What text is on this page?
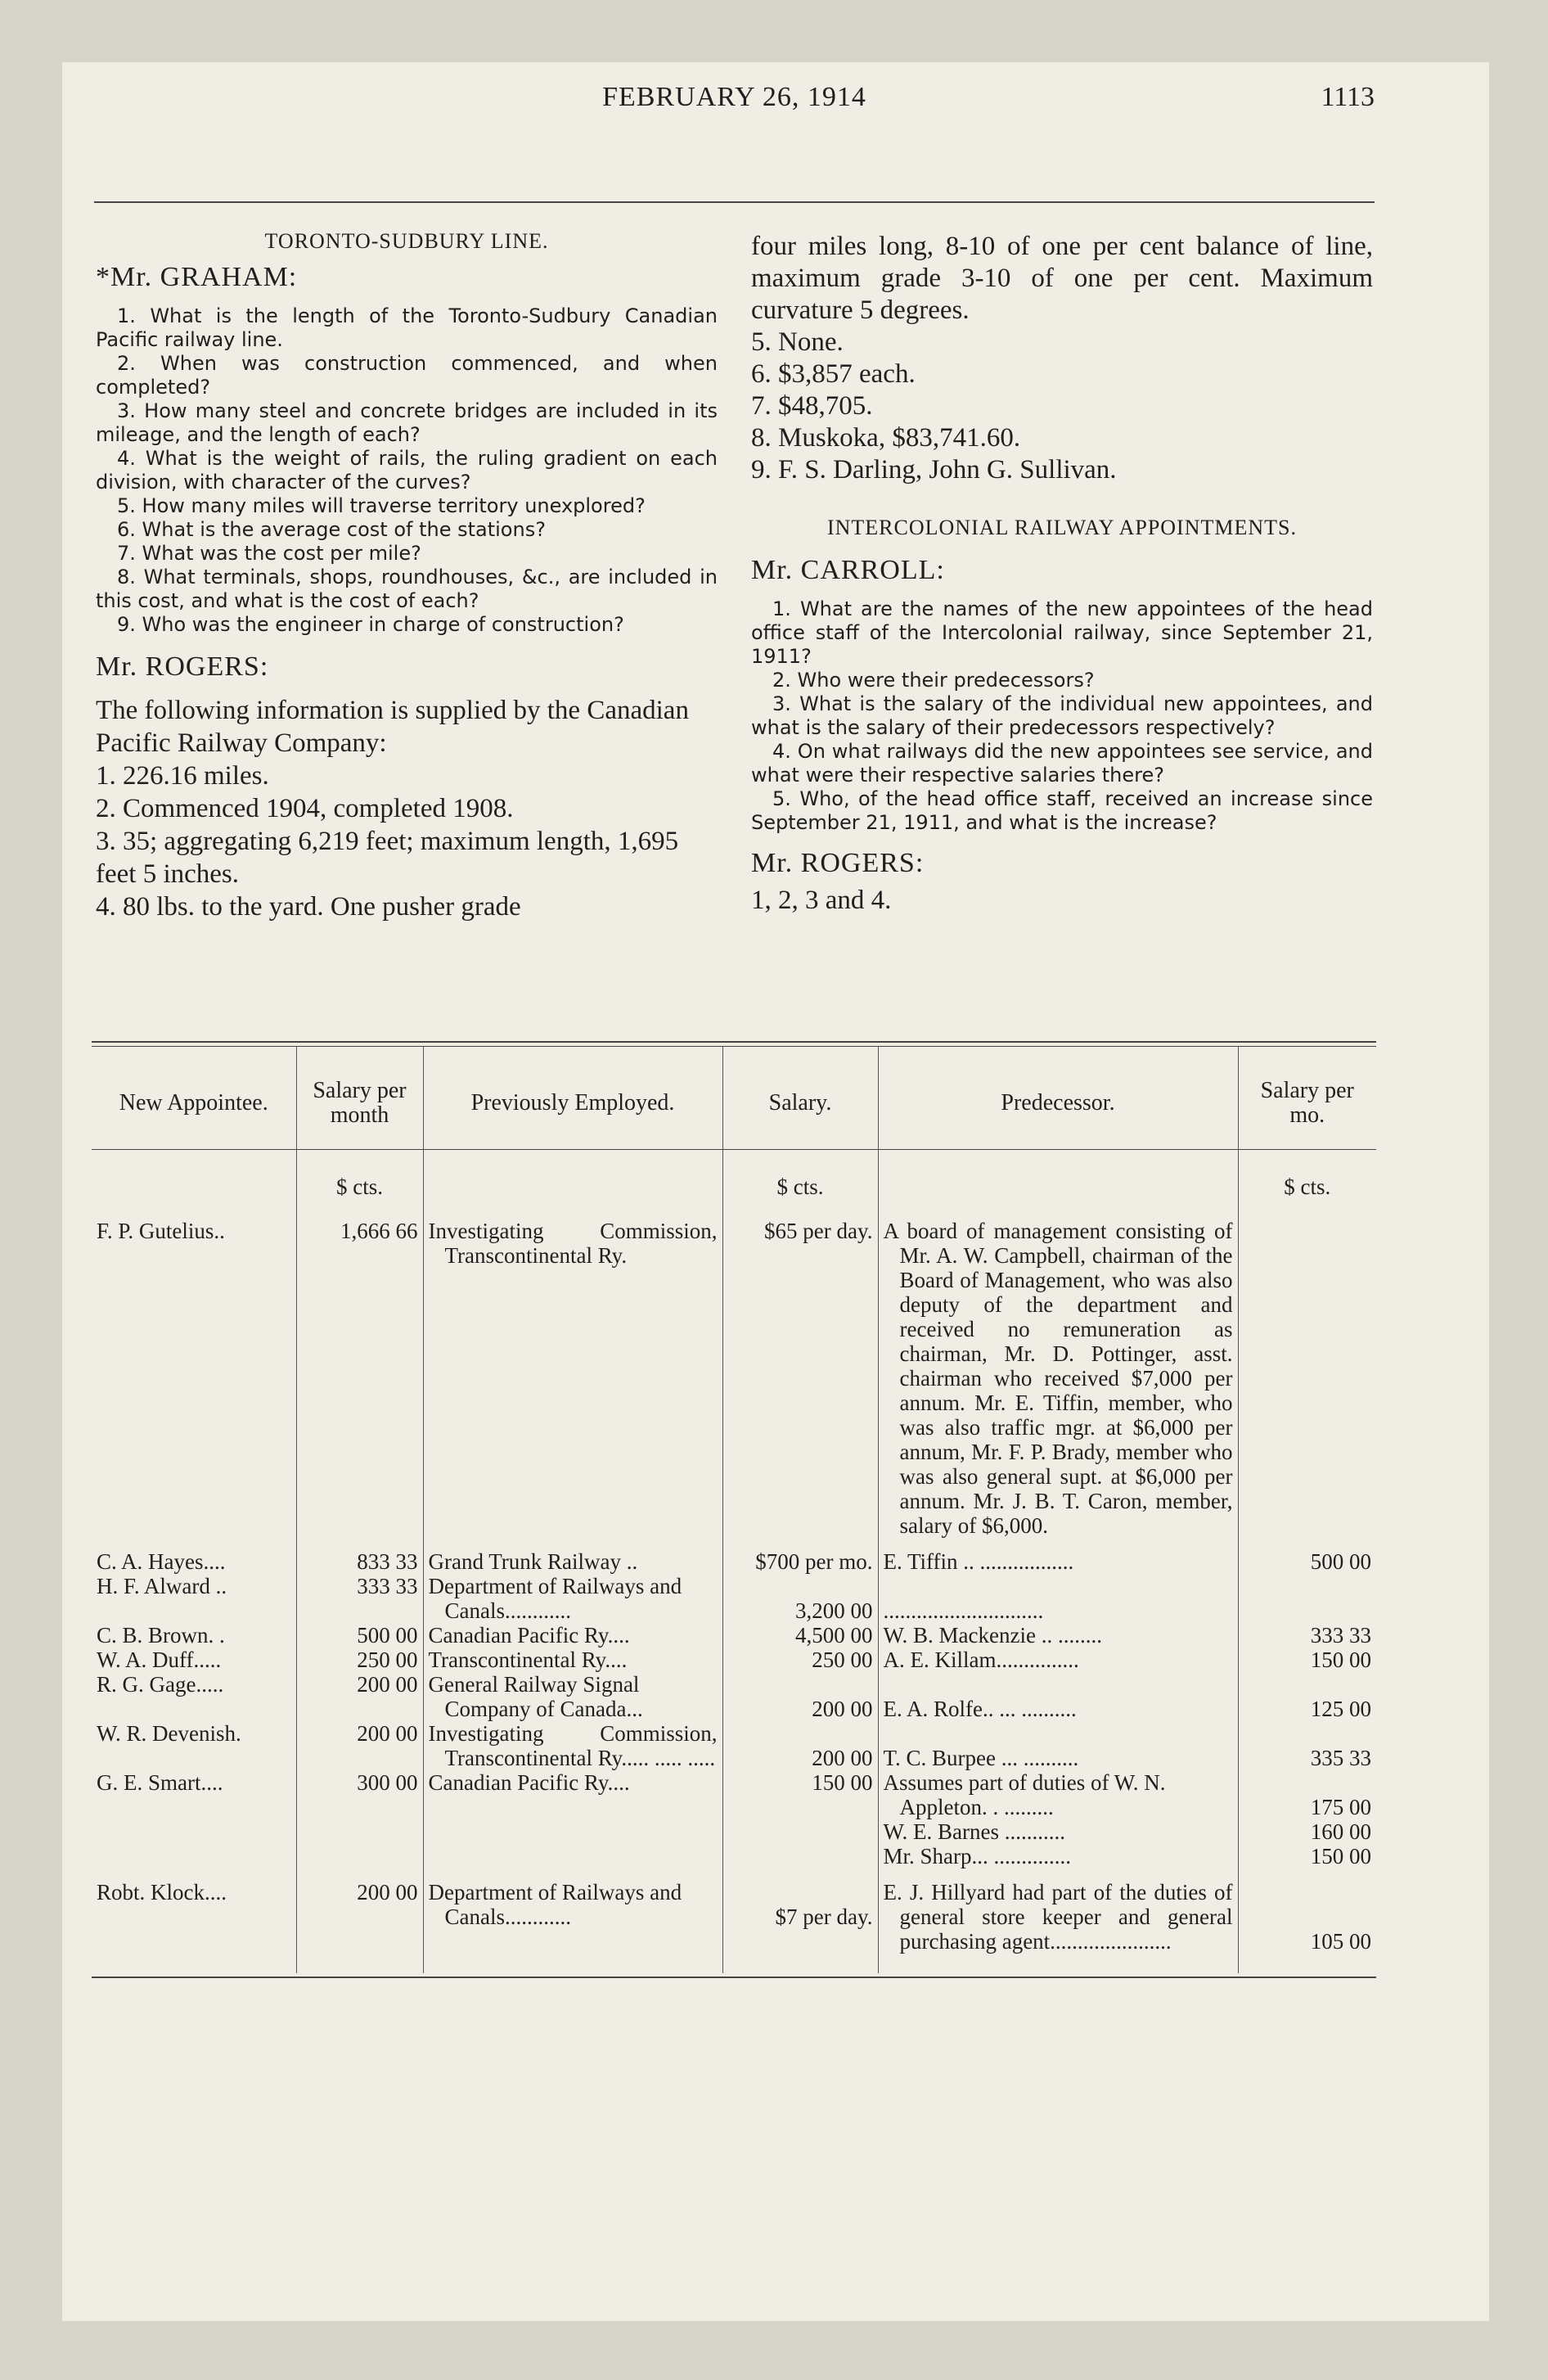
FEBRUARY 26, 1914	1113
TORONTO-SUDBURY LINE.
*Mr. GRAHAM:

1. What is the length of the Toronto-Sudbury Canadian Pacific railway line.

2. When was construction commenced, and when completed?

3. How many steel and concrete bridges are included in its mileage, and the length of each?

4. What is the weight of rails, the ruling gradient on each division, with character of the curves?

5. How many miles will traverse territory unexplored?

6. What is the average cost of the stations?

7. What was the cost per mile?

8. What terminals, shops, roundhouses, &c., are included in this cost, and what is the cost of each?

9. Who was the engineer in charge of construction?

Mr. ROGERS:

The following information is supplied by the Canadian Pacific Railway Company:

1. 226.16 miles.

2. Commenced 1904, completed 1908.

3. 35; aggregating 6,219 feet; maximum length, 1,695 feet 5 inches.

4. 80 lbs. to the yard. One pusher grade

four miles long, 8-10 of one per cent balance of line, maximum grade 3-10 of one per cent. Maximum curvature 5 degrees.

5. None.

6. $3,857 each.

7. $48,705.

8. Muskoka, $83,741.60.

9. F. S. Darling, John G. Sullivan.

INTERCOLONIAL RAILWAY APPOINTMENTS.
Mr. CARROLL:

1. What are the names of the new appointees of the head office staff of the Intercolonial railway, since September 21, 1911?

2. Who were their predecessors?

3. What is the salary of the individual new appointees, and what is the salary of their predecessors respectively?

4. On what railways did the new appointees see service, and what were their respective salaries there?

5. Who, of the head office staff, received an increase since September 21, 1911, and what is the increase?

Mr. ROGERS:
1, 2, 3 and 4.
New Appointee.	Salary per month	Previously Employed.	Salary.	Predecessor.	Salary per mo.
	$ cts.		$ cts.		$ cts.
F. P. Gutelius..	1,666 66	Investigating Commission, Transcontinental Ry.	$65 per day.	A board of management consisting of Mr. A. W. Campbell, chairman of the Board of Management, who was also deputy of the department and received no remuneration as chairman, Mr. D. Pottinger, asst. chairman who received $7,000 per annum. Mr. E. Tiffin, member, who was also traffic mgr. at $6,000 per annum, Mr. F. P. Brady, member who was also general supt. at $6,000 per annum. Mr. J. B. T. Caron, member, salary of $6,000.	
C. A. Hayes....	833 33	Grand Trunk Railway ..	$700 per mo.	E. Tiffin .. .................	500 00
H. F. Alward ..	333 33	Department of Railways and Canals............	3,200 00	.............................	
C. B. Brown. .	500 00	Canadian Pacific Ry....	4,500 00	W. B. Mackenzie .. ........	333 33
W. A. Duff.....	250 00	Transcontinental Ry....	250 00	A. E. Killam...............	150 00
R. G. Gage.....	200 00	General Railway Signal Company of Canada...	200 00	E. A. Rolfe.. ... ..........	125 00
W. R. Devenish.	200 00	Investigating Commission, Transcontinental Ry..... ..... .....	200 00	T. C. Burpee ... ..........	335 33
G. E. Smart....	300 00	Canadian Pacific Ry....	150 00	Assumes part of duties of W. N. Appleton. . .........	175 00
				W. E. Barnes ...........	160 00
				Mr. Sharp... ..............	150 00
Robt. Klock....	200 00	Department of Railways and Canals............	$7 per day.	E. J. Hillyard had part of the duties of general store keeper and general purchasing agent......................	105 00
